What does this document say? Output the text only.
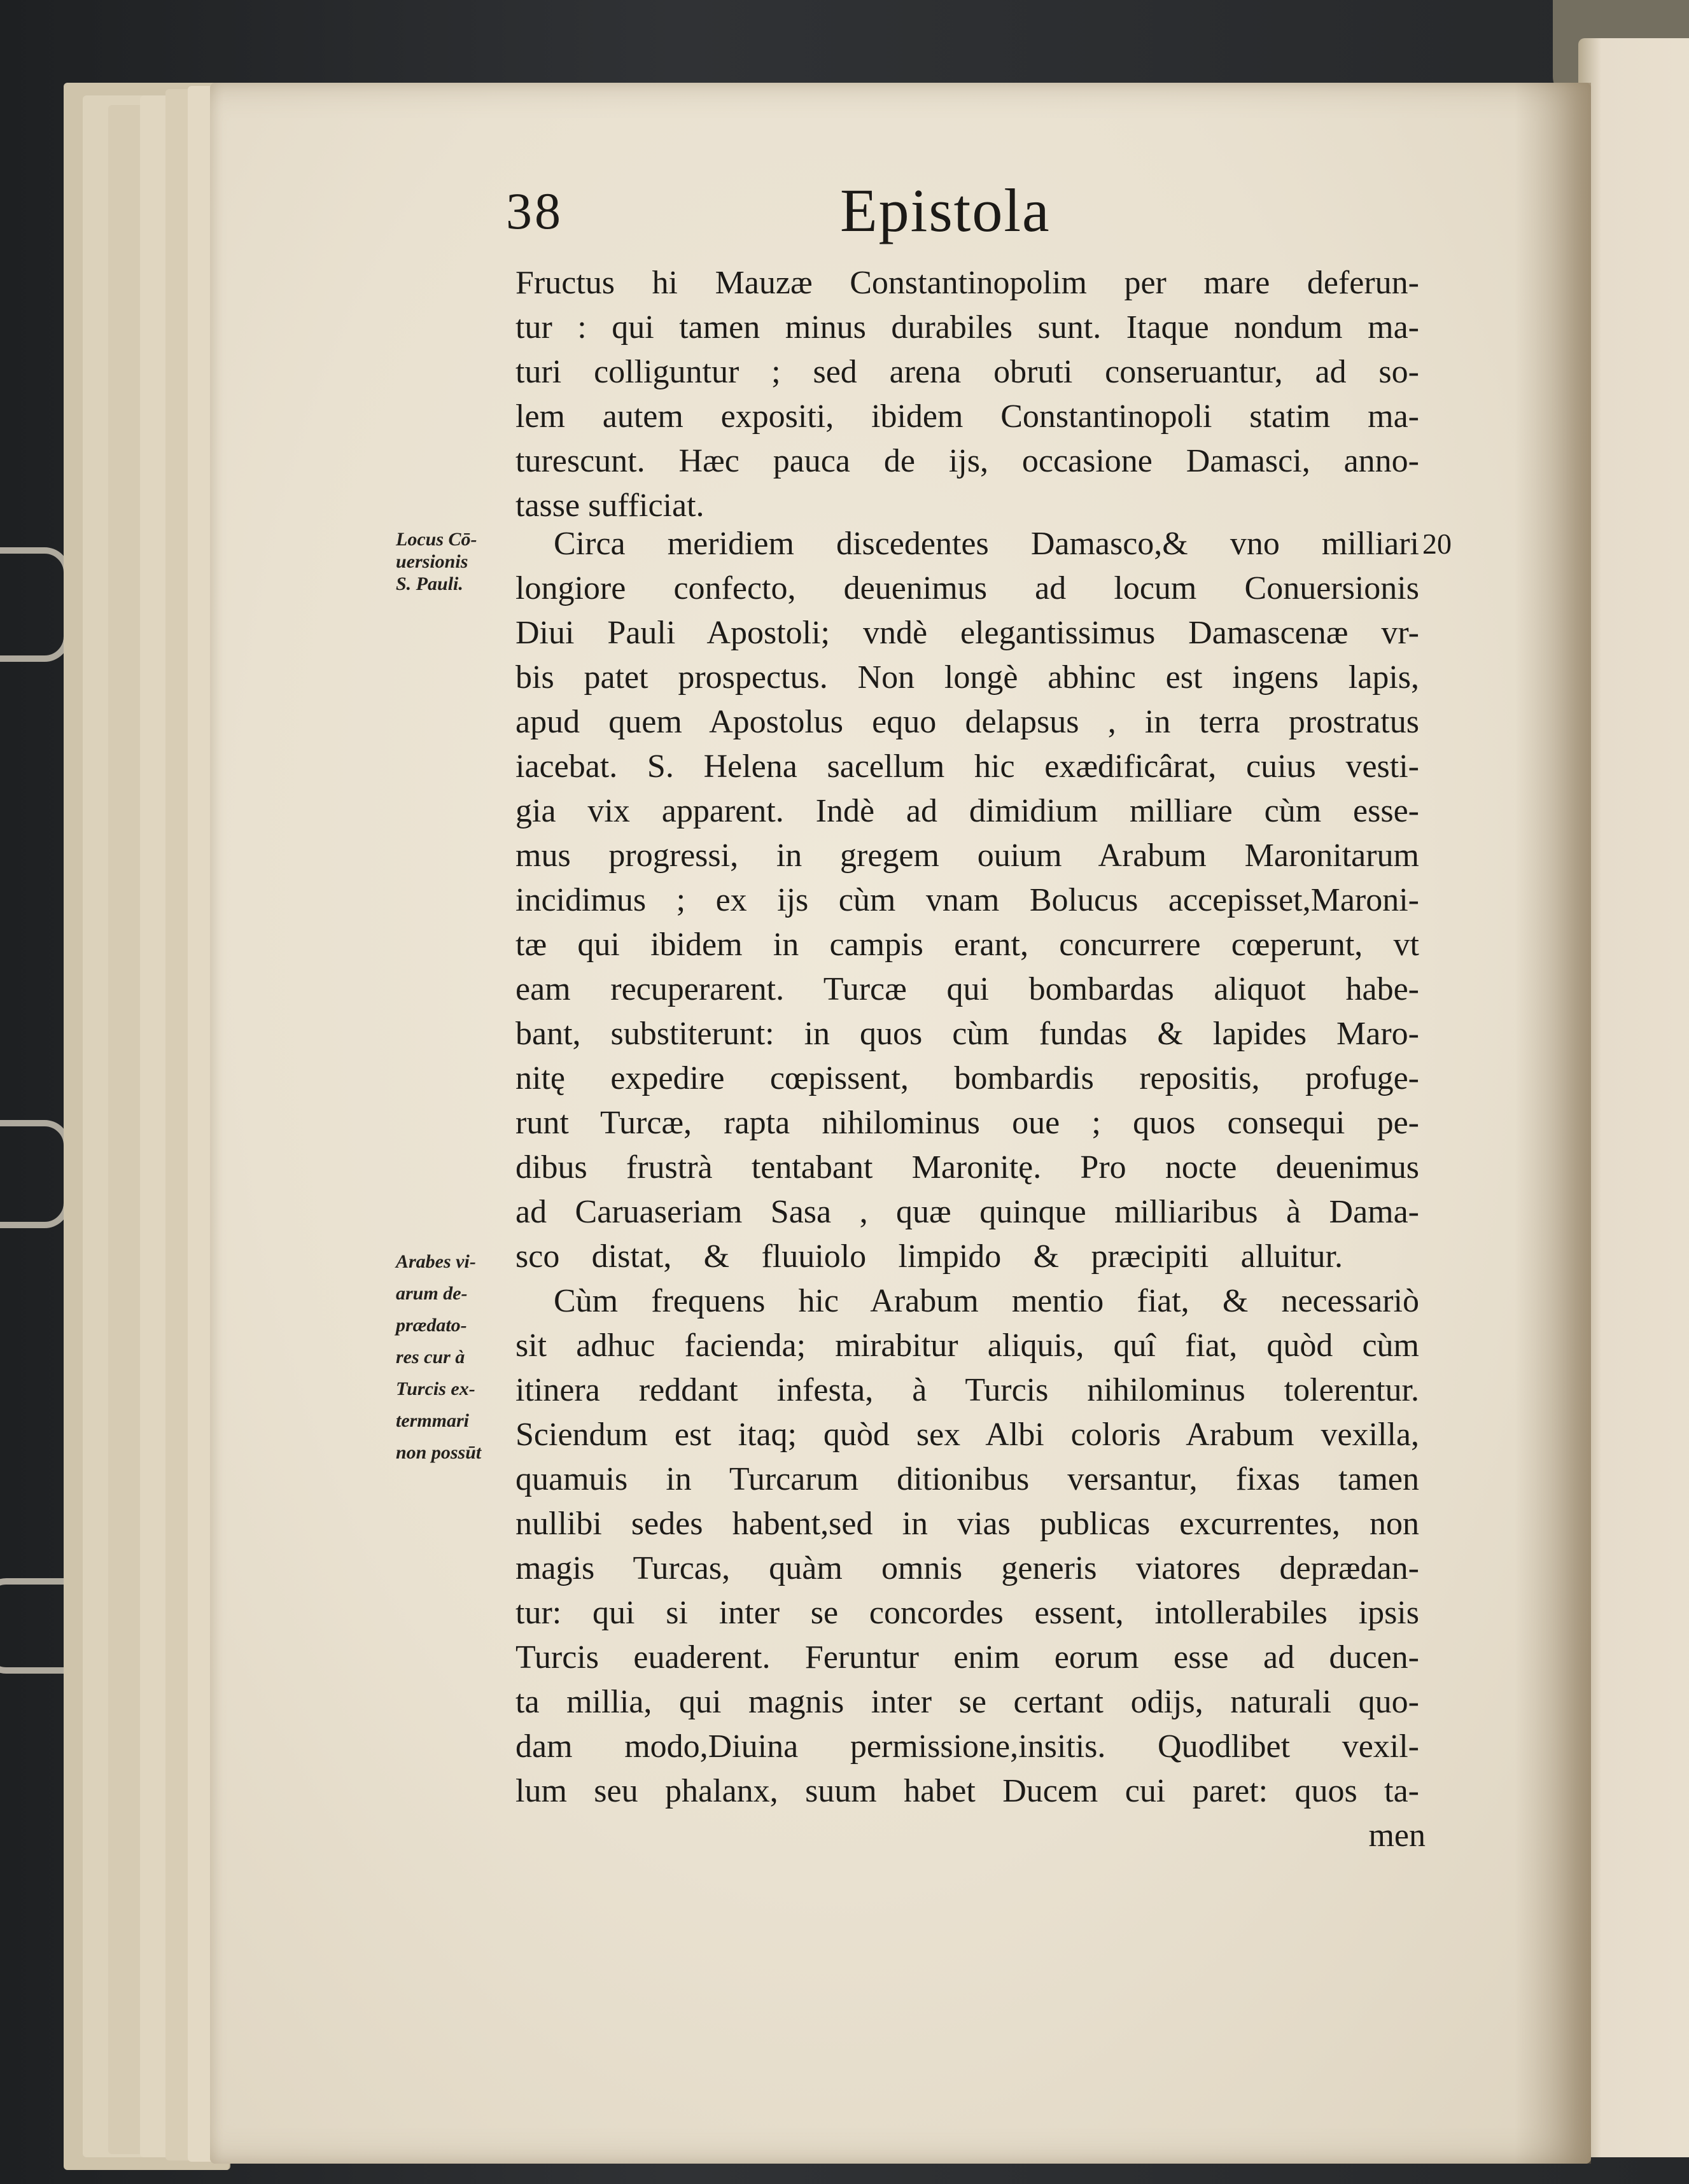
38	Epistola
20
Fructus hi Mauzæ Constantinopolim per mare deferun-
tur : qui tamen minus durabiles sunt. Itaque nondum ma-
turi colliguntur ; sed arena obruti conseruantur, ad so-
lem autem expositi, ibidem Constantinopoli statim ma-
turescunt. Hæc pauca de ijs, occasione Damasci, anno-
tasse sufficiat.
Circa meridiem discedentes Damasco,& vno milliari
longiore confecto, deuenimus ad locum Conuersionis
Diui Pauli Apostoli; vndè elegantissimus Damascenæ vr-
bis patet prospectus. Non longè abhinc est ingens lapis,
apud quem Apostolus equo delapsus , in terra prostratus
iacebat. S. Helena sacellum hic exædificârat, cuius vesti-
gia vix apparent. Indè ad dimidium milliare cùm esse-
mus progressi, in gregem ouium Arabum Maronitarum
incidimus ; ex ijs cùm vnam Bolucus accepisset,Maroni-
tæ qui ibidem in campis erant, concurrere cœperunt, vt
eam recuperarent. Turcæ qui bombardas aliquot habe-
bant, substiterunt: in quos cùm fundas & lapides Maro-
nitę expedire cœpissent, bombardis repositis, profuge-
runt Turcæ, rapta nihilominus oue ; quos consequi pe-
dibus frustrà tentabant Maronitę. Pro nocte deuenimus
ad Caruaseriam Sasa , quæ quinque milliaribus à Dama-
sco distat, & fluuiolo limpido & præcipiti alluitur.
Cùm frequens hic Arabum mentio fiat, & necessariò
sit adhuc facienda; mirabitur aliquis, quî fiat, quòd cùm
itinera reddant infesta, à Turcis nihilominus tolerentur.
Sciendum est itaq; quòd sex Albi coloris Arabum vexilla,
quamuis in Turcarum ditionibus versantur, fixas tamen
nullibi sedes habent,sed in vias publicas excurrentes, non
magis Turcas, quàm omnis generis viatores deprædan-
tur: qui si inter se concordes essent, intollerabiles ipsis
Turcis euaderent. Feruntur enim eorum esse ad ducen-
ta millia, qui magnis inter se certant odijs, naturali quo-
dam modo,Diuina permissione,insitis. Quodlibet vexil-
lum seu phalanx, suum habet Ducem cui paret: quos ta-
men
Locus Cō-
uersionis
S. Pauli.
Arabes vi-
arum de-
prædato-
res cur à
Turcis ex-
termmari
non possūt
